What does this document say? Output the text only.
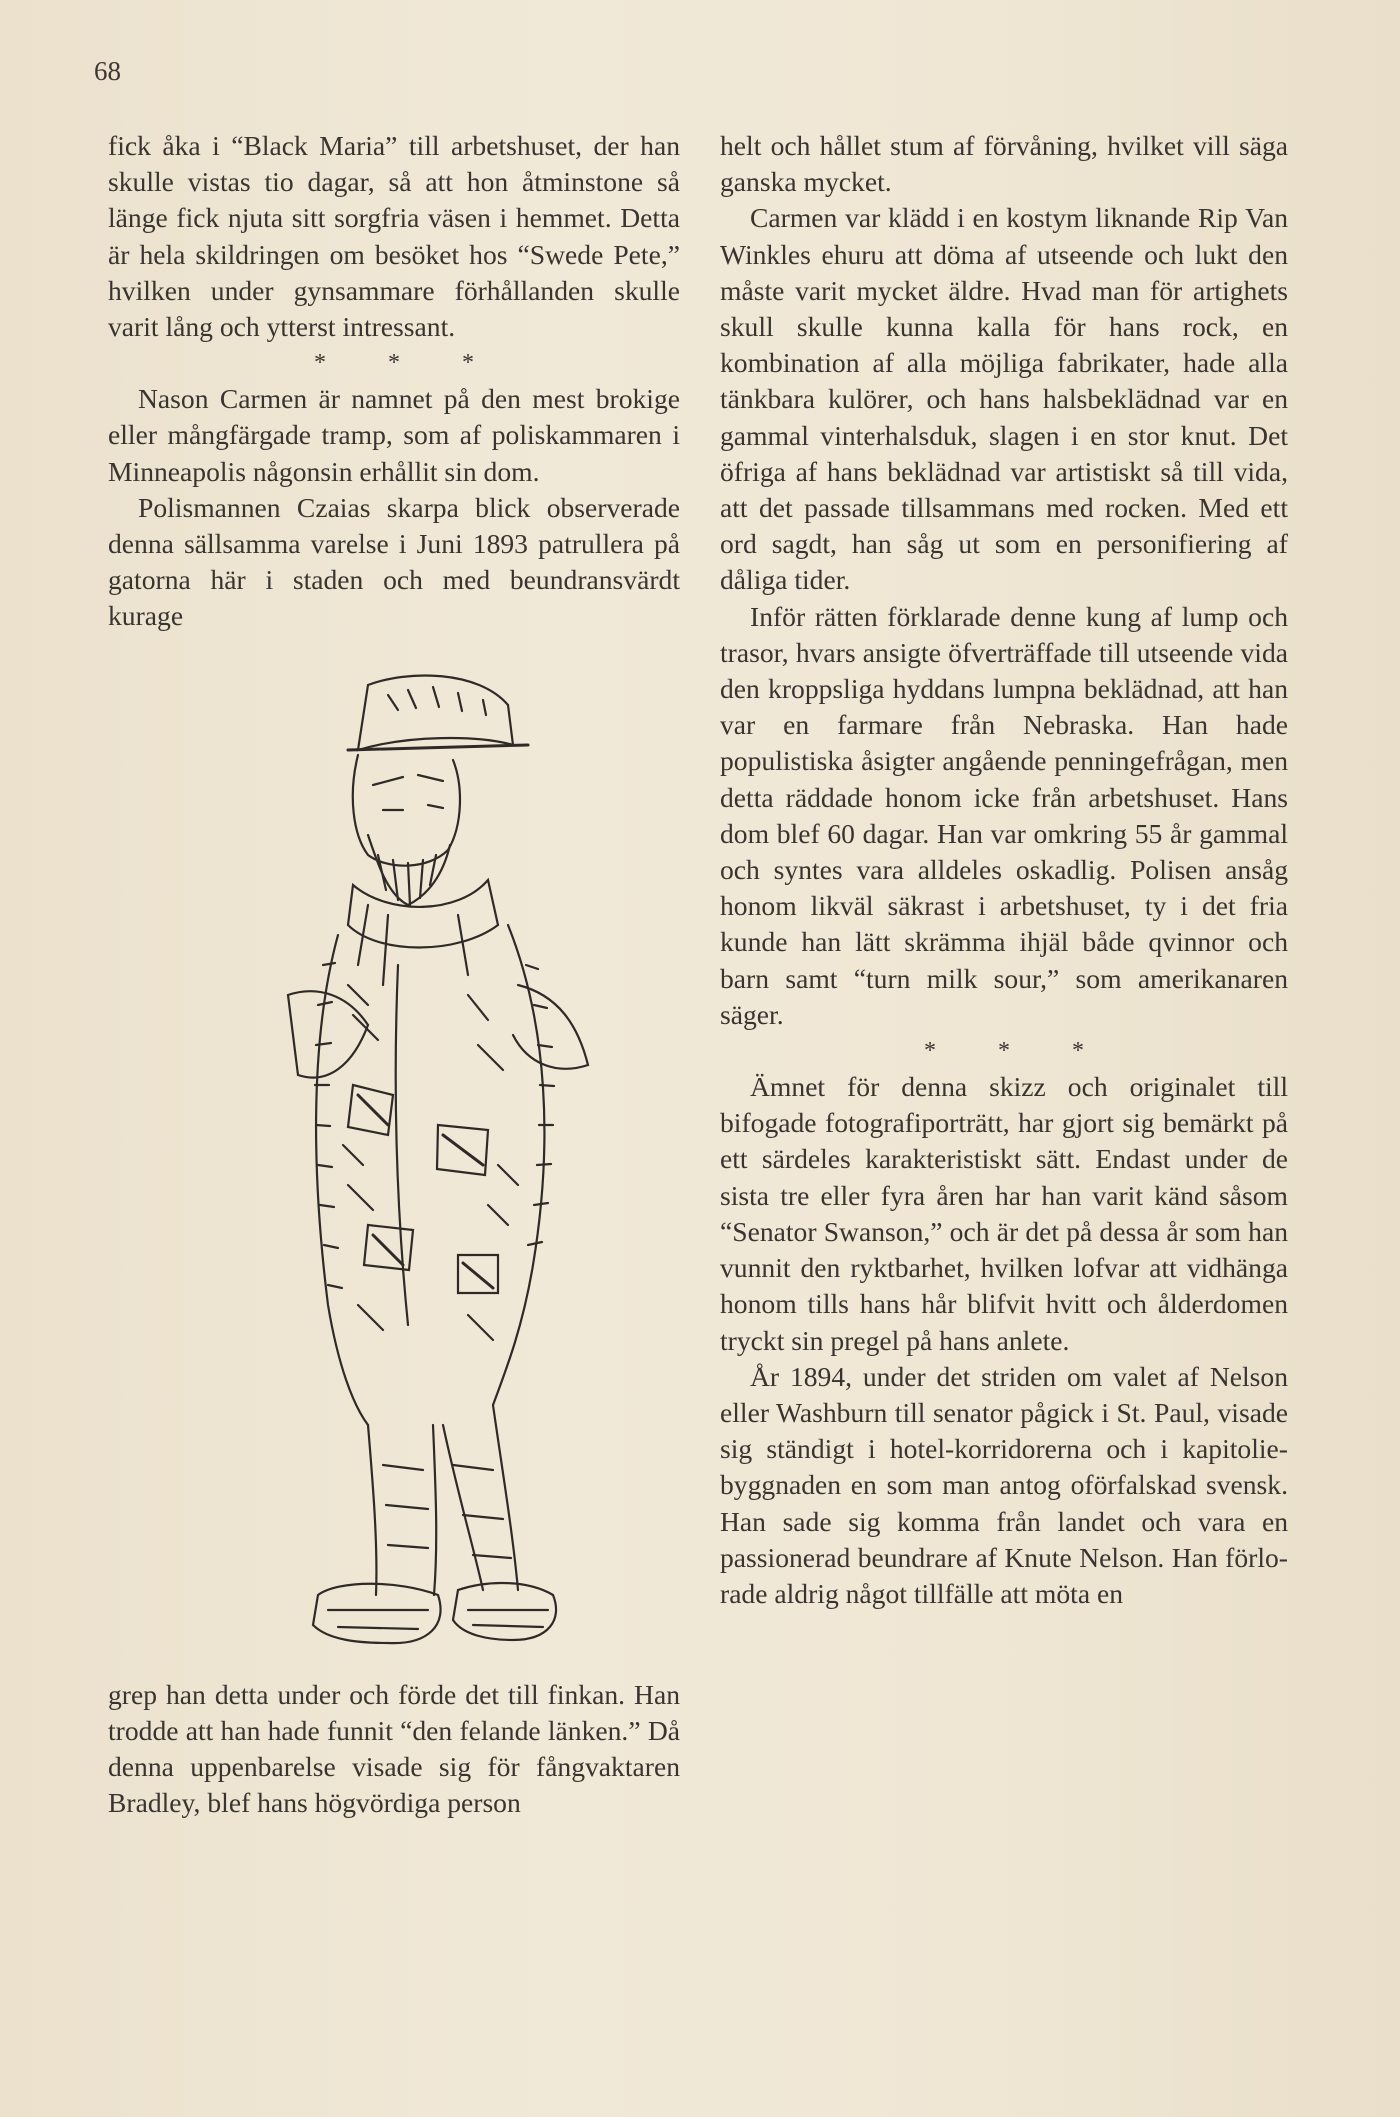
68

fick åka i “Black Maria” till arbetshuset, der han skulle vistas tio dagar, så att hon åtminstone så länge fick njuta sitt sorgfria väsen i hemmet. Detta är hela skildringen om besöket hos “Swede Pete,” hvilken under gynsammare förhållanden skulle varit lång och ytterst intressant.

* * *

Nason Carmen är namnet på den mest brokige eller mångfärgade tramp, som af poliskammaren i Minneapolis någonsin erhållit sin dom.

Polismannen Czaias skarpa blick observerade denna sällsamma varelse i Juni 1893 patrullera på gatorna här i staden och med beundransvärdt kurage

grep han detta under och förde det till finkan. Han trodde att han hade funnit “den felande länken.” Då denna uppenbarelse visade sig för fångvaktaren Bradley, blef hans högvördiga person

helt och hållet stum af förvåning, hvilket vill säga ganska mycket.

Carmen var klädd i en kostym liknande Rip Van Winkles ehuru att döma af utseende och lukt den måste varit mycket äldre. Hvad man för artighets skull skulle kunna kalla för hans rock, en kombination af alla möjliga fabrikater, hade alla tänkbara kulörer, och hans halsbeklädnad var en gammal vinterhalsduk, slagen i en stor knut. Det öfriga af hans beklädnad var artistiskt så till vida, att det passade tillsammans med rocken. Med ett ord sagdt, han såg ut som en personifiering af dåliga tider.

Inför rätten förklarade denne kung af lump och trasor, hvars ansigte öfverträffade till utseende vida den kroppsliga hyddans lumpna beklädnad, att han var en farmare från Nebraska. Han hade populistiska åsigter angående penningefrågan, men detta räddade honom icke från arbetshuset. Hans dom blef 60 dagar. Han var omkring 55 år gammal och syntes vara alldeles oskadlig. Polisen ansåg honom likväl säkrast i arbetshuset, ty i det fria kunde han lätt skrämma ihjäl både qvinnor och barn samt “turn milk sour,” som amerikanaren säger.

* * *

Ämnet för denna skizz och originalet till bifogade fotografiporträtt, har gjort sig bemärkt på ett särdeles karakteristiskt sätt. Endast under de sista tre eller fyra åren har han varit känd såsom “Senator Swanson,” och är det på dessa år som han vunnit den ryktbarhet, hvilken lofvar att vidhänga honom tills hans hår blifvit hvitt och ålderdomen tryckt sin pregel på hans anlete.

År 1894, under det striden om valet af Nelson eller Washburn till senator pågick i St. Paul, visade sig ständigt i hotel-korridorerna och i kapitoliebyggnaden en som man antog oförfalskad svensk. Han sade sig komma från landet och vara en passionerad beundrare af Knute Nelson. Han förlorade aldrig något tillfälle att möta en
